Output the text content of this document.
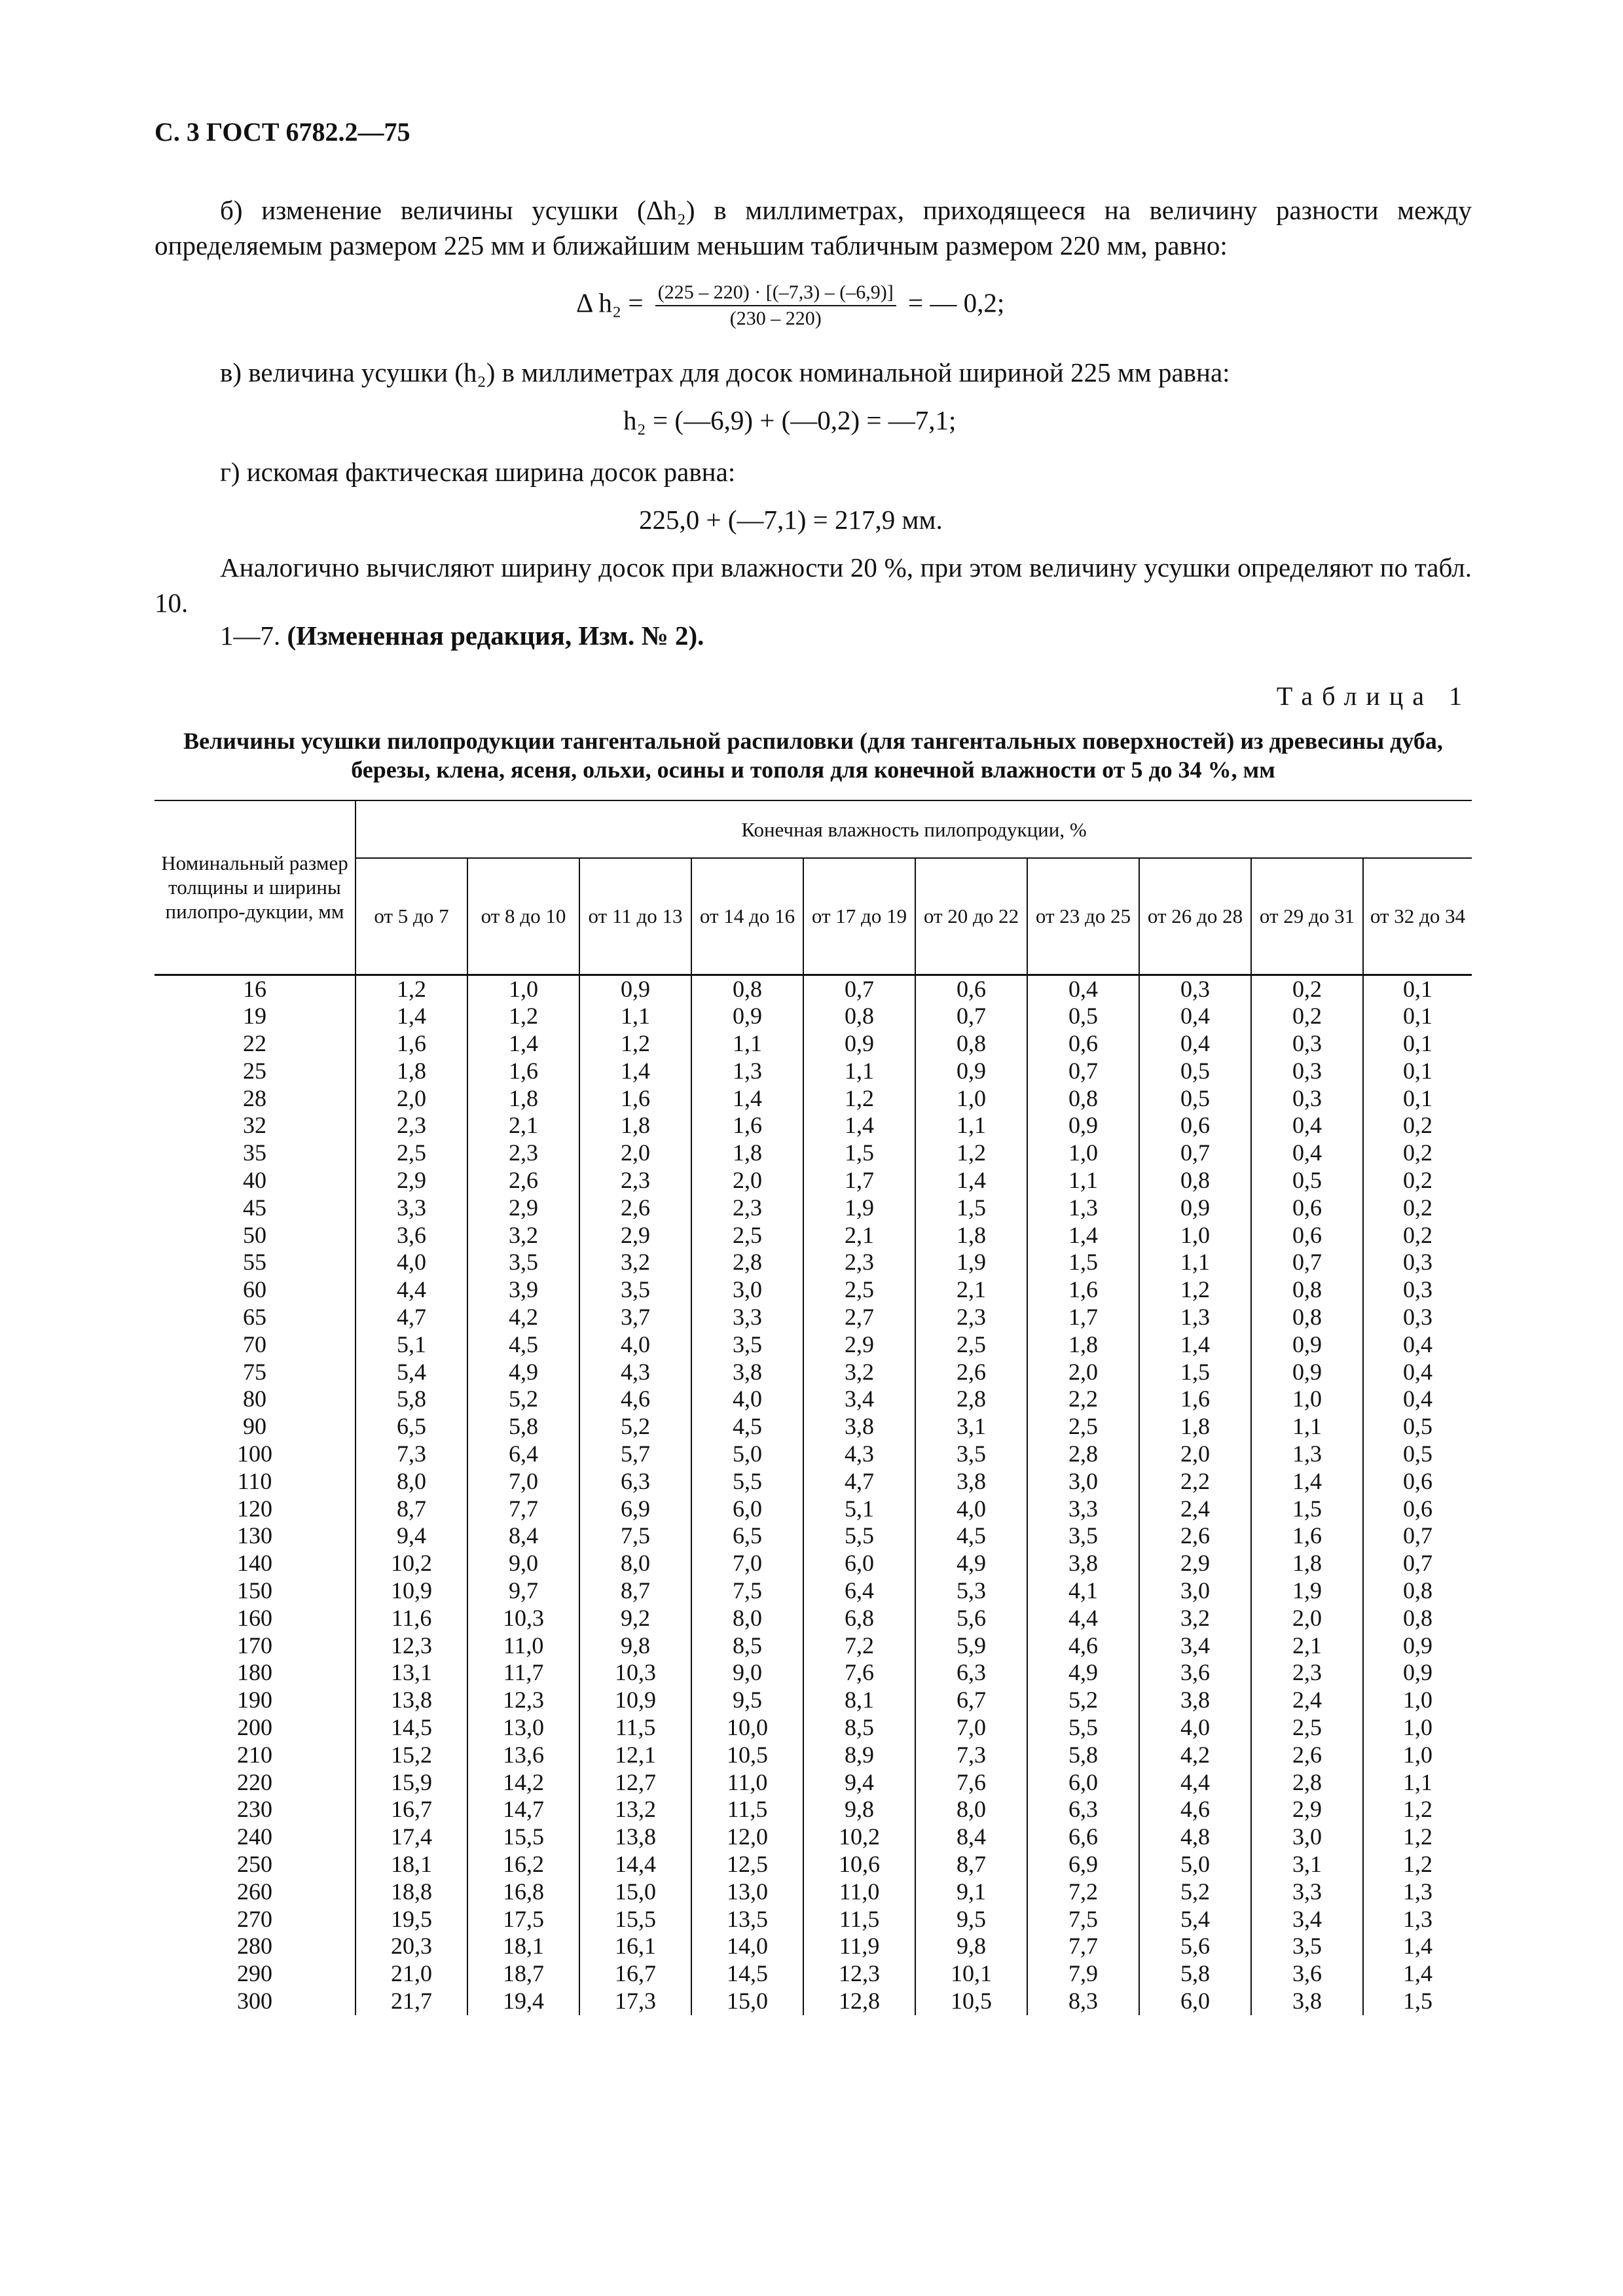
С. 3 ГОСТ 6782.2—75
б) изменение величины усушки (Δh₂) в миллиметрах, приходящееся на величину разности между определяемым размером 225 мм и ближайшим меньшим табличным размером 220 мм, равно:
Δ $h_2 = \frac{(225 - 220) \cdot [(-7,3) - (-6,9)]}{(230 - 220)}$ = — 0,2;
в) величина усушки (h₂) в миллиметрах для досок номинальной шириной 225 мм равна:
h₂ = (—6,9) + (—0,2) = —7,1;
г) искомая фактическая ширина досок равна:
225,0 + (—7,1) = 217,9 мм.
Аналогично вычисляют ширину досок при влажности 20 %, при этом величину усушки определяют по табл. 10.
1—7. (Измененная редакция, Изм. № 2).
Таблица 1
Величины усушки пилопродукции тангентальной распиловки (для тангентальных поверхностей) из древесины дуба, березы, клена, ясеня, ольхи, осины и тополя для конечной влажности от 5 до 34 %, мм
Номинальный размер толщины и ширины пилопро-дукции, мм	Конечная влажность пилопродукции, %									
	от 5 до 7	от 8 до 10	от 11 до 13	от 14 до 16	от 17 до 19	от 20 до 22	от 23 до 25	от 26 до 28	от 29 до 31	от 32 до 34
16	1,2	1,0	0,9	0,8	0,7	0,6	0,4	0,3	0,2	0,1
19	1,4	1,2	1,1	0,9	0,8	0,7	0,5	0,4	0,2	0,1
22	1,6	1,4	1,2	1,1	0,9	0,8	0,6	0,4	0,3	0,1
25	1,8	1,6	1,4	1,3	1,1	0,9	0,7	0,5	0,3	0,1
28	2,0	1,8	1,6	1,4	1,2	1,0	0,8	0,5	0,3	0,1
32	2,3	2,1	1,8	1,6	1,4	1,1	0,9	0,6	0,4	0,2
35	2,5	2,3	2,0	1,8	1,5	1,2	1,0	0,7	0,4	0,2
40	2,9	2,6	2,3	2,0	1,7	1,4	1,1	0,8	0,5	0,2
45	3,3	2,9	2,6	2,3	1,9	1,5	1,3	0,9	0,6	0,2
50	3,6	3,2	2,9	2,5	2,1	1,8	1,4	1,0	0,6	0,2
55	4,0	3,5	3,2	2,8	2,3	1,9	1,5	1,1	0,7	0,3
60	4,4	3,9	3,5	3,0	2,5	2,1	1,6	1,2	0,8	0,3
65	4,7	4,2	3,7	3,3	2,7	2,3	1,7	1,3	0,8	0,3
70	5,1	4,5	4,0	3,5	2,9	2,5	1,8	1,4	0,9	0,4
75	5,4	4,9	4,3	3,8	3,2	2,6	2,0	1,5	0,9	0,4
80	5,8	5,2	4,6	4,0	3,4	2,8	2,2	1,6	1,0	0,4
90	6,5	5,8	5,2	4,5	3,8	3,1	2,5	1,8	1,1	0,5
100	7,3	6,4	5,7	5,0	4,3	3,5	2,8	2,0	1,3	0,5
110	8,0	7,0	6,3	5,5	4,7	3,8	3,0	2,2	1,4	0,6
120	8,7	7,7	6,9	6,0	5,1	4,0	3,3	2,4	1,5	0,6
130	9,4	8,4	7,5	6,5	5,5	4,5	3,5	2,6	1,6	0,7
140	10,2	9,0	8,0	7,0	6,0	4,9	3,8	2,9	1,8	0,7
150	10,9	9,7	8,7	7,5	6,4	5,3	4,1	3,0	1,9	0,8
160	11,6	10,3	9,2	8,0	6,8	5,6	4,4	3,2	2,0	0,8
170	12,3	11,0	9,8	8,5	7,2	5,9	4,6	3,4	2,1	0,9
180	13,1	11,7	10,3	9,0	7,6	6,3	4,9	3,6	2,3	0,9
190	13,8	12,3	10,9	9,5	8,1	6,7	5,2	3,8	2,4	1,0
200	14,5	13,0	11,5	10,0	8,5	7,0	5,5	4,0	2,5	1,0
210	15,2	13,6	12,1	10,5	8,9	7,3	5,8	4,2	2,6	1,0
220	15,9	14,2	12,7	11,0	9,4	7,6	6,0	4,4	2,8	1,1
230	16,7	14,7	13,2	11,5	9,8	8,0	6,3	4,6	2,9	1,2
240	17,4	15,5	13,8	12,0	10,2	8,4	6,6	4,8	3,0	1,2
250	18,1	16,2	14,4	12,5	10,6	8,7	6,9	5,0	3,1	1,2
260	18,8	16,8	15,0	13,0	11,0	9,1	7,2	5,2	3,3	1,3
270	19,5	17,5	15,5	13,5	11,5	9,5	7,5	5,4	3,4	1,3
280	20,3	18,1	16,1	14,0	11,9	9,8	7,7	5,6	3,5	1,4
290	21,0	18,7	16,7	14,5	12,3	10,1	7,9	5,8	3,6	1,4
300	21,7	19,4	17,3	15,0	12,8	10,5	8,3	6,0	3,8	1,5
